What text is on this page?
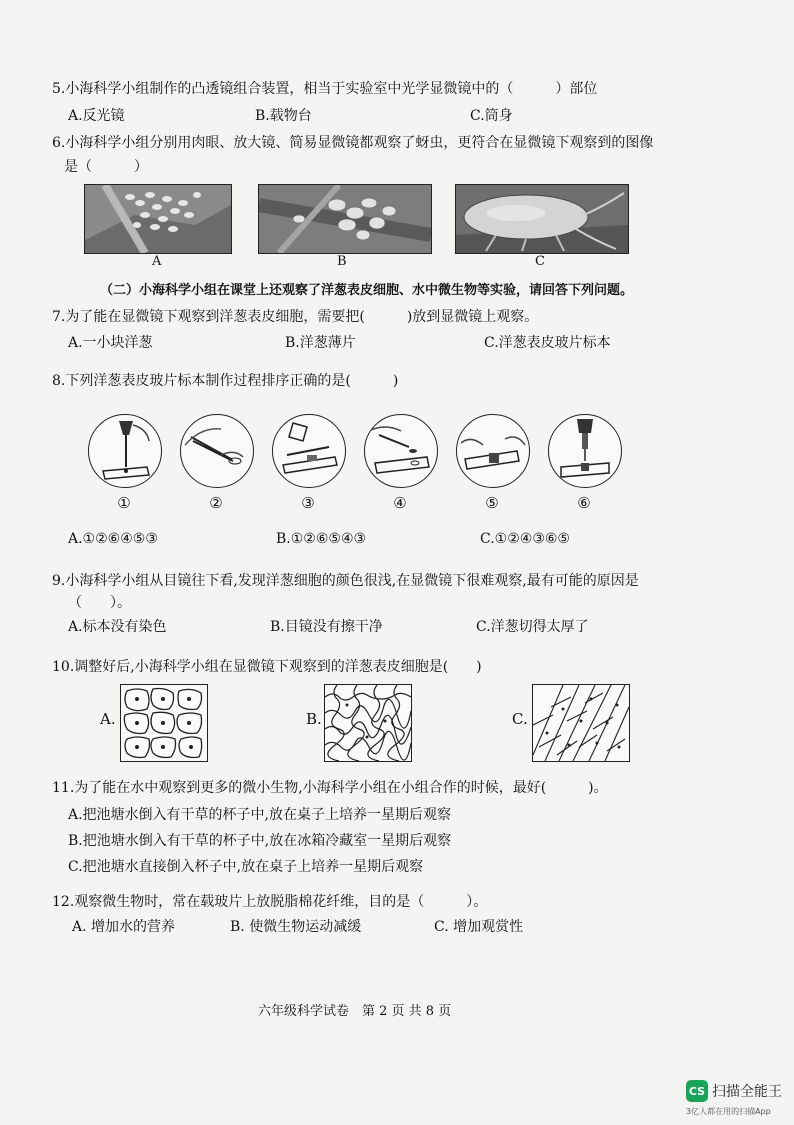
5.小海科学小组制作的凸透镜组合装置，相当于实验室中光学显微镜中的（　　　）部位
A.反光镜	B.载物台	C.筒身
6.小海科学小组分别用肉眼、放大镜、简易显微镜都观察了蚜虫，更符合在显微镜下观察到的图像
是（　　　）
A	B	C
（二）小海科学小组在课堂上还观察了洋葱表皮细胞、水中微生物等实验，请回答下列问题。
7.为了能在显微镜下观察到洋葱表皮细胞，需要把(　　　)放到显微镜上观察。
A.一小块洋葱	B.洋葱薄片	C.洋葱表皮玻片标本
8.下列洋葱表皮玻片标本制作过程排序正确的是(　　　)
①	②	③	④	⑤	⑥
A.①②⑥④⑤③	B.①②⑥⑤④③	C.①②④③⑥⑤
9.小海科学小组从目镜往下看,发现洋葱细胞的颜色很浅,在显微镜下很难观察,最有可能的原因是
（　　）。
A.标本没有染色	B.目镜没有擦干净	C.洋葱切得太厚了
10.调整好后,小海科学小组在显微镜下观察到的洋葱表皮细胞是(　　)
A.	B.	C.
11.为了能在水中观察到更多的微小生物,小海科学小组在小组合作的时候，最好(　　　)。
A.把池塘水倒入有干草的杯子中,放在桌子上培养一星期后观察
B.把池塘水倒入有干草的杯子中,放在冰箱冷藏室一星期后观察
C.把池塘水直接倒入杯子中,放在桌子上培养一星期后观察
12.观察微生物时，常在载玻片上放脱脂棉花纤维，目的是（　　　）。
A. 增加水的营养	B. 使微生物运动减缓	C. 增加观赏性
六年级科学试卷　第 2 页 共 8 页
CS 扫描全能王
3亿人都在用的扫描App
